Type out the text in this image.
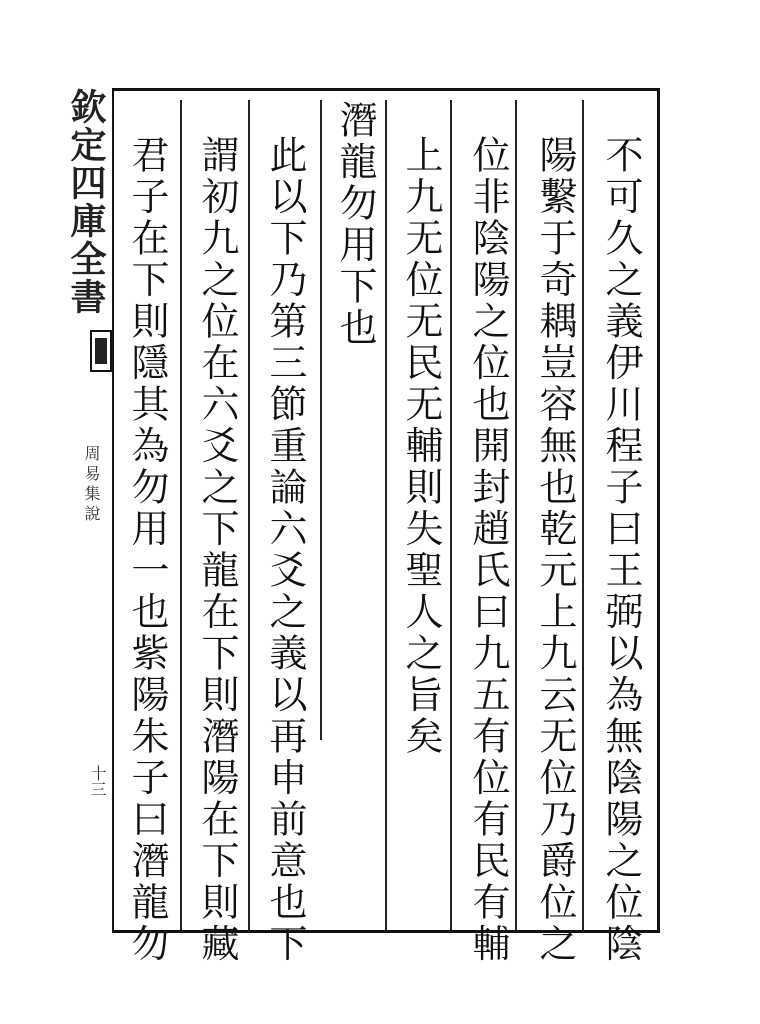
欽定四庫全書
周易集說
十三	不可久之義伊川程子曰王弼以為無陰陽之位陰
陽繫于奇耦豈容無也乾元上九云无位乃爵位之
位非陰陽之位也開封趙氏曰九五有位有民有輔
上九无位无民无輔則失聖人之旨矣
潛龍勿用下也
此以下乃第三節重論六爻之義以再申前意也下
謂初九之位在六爻之下龍在下則潛陽在下則藏
君子在下則隱其為勿用一也紫陽朱子曰潛龍勿
